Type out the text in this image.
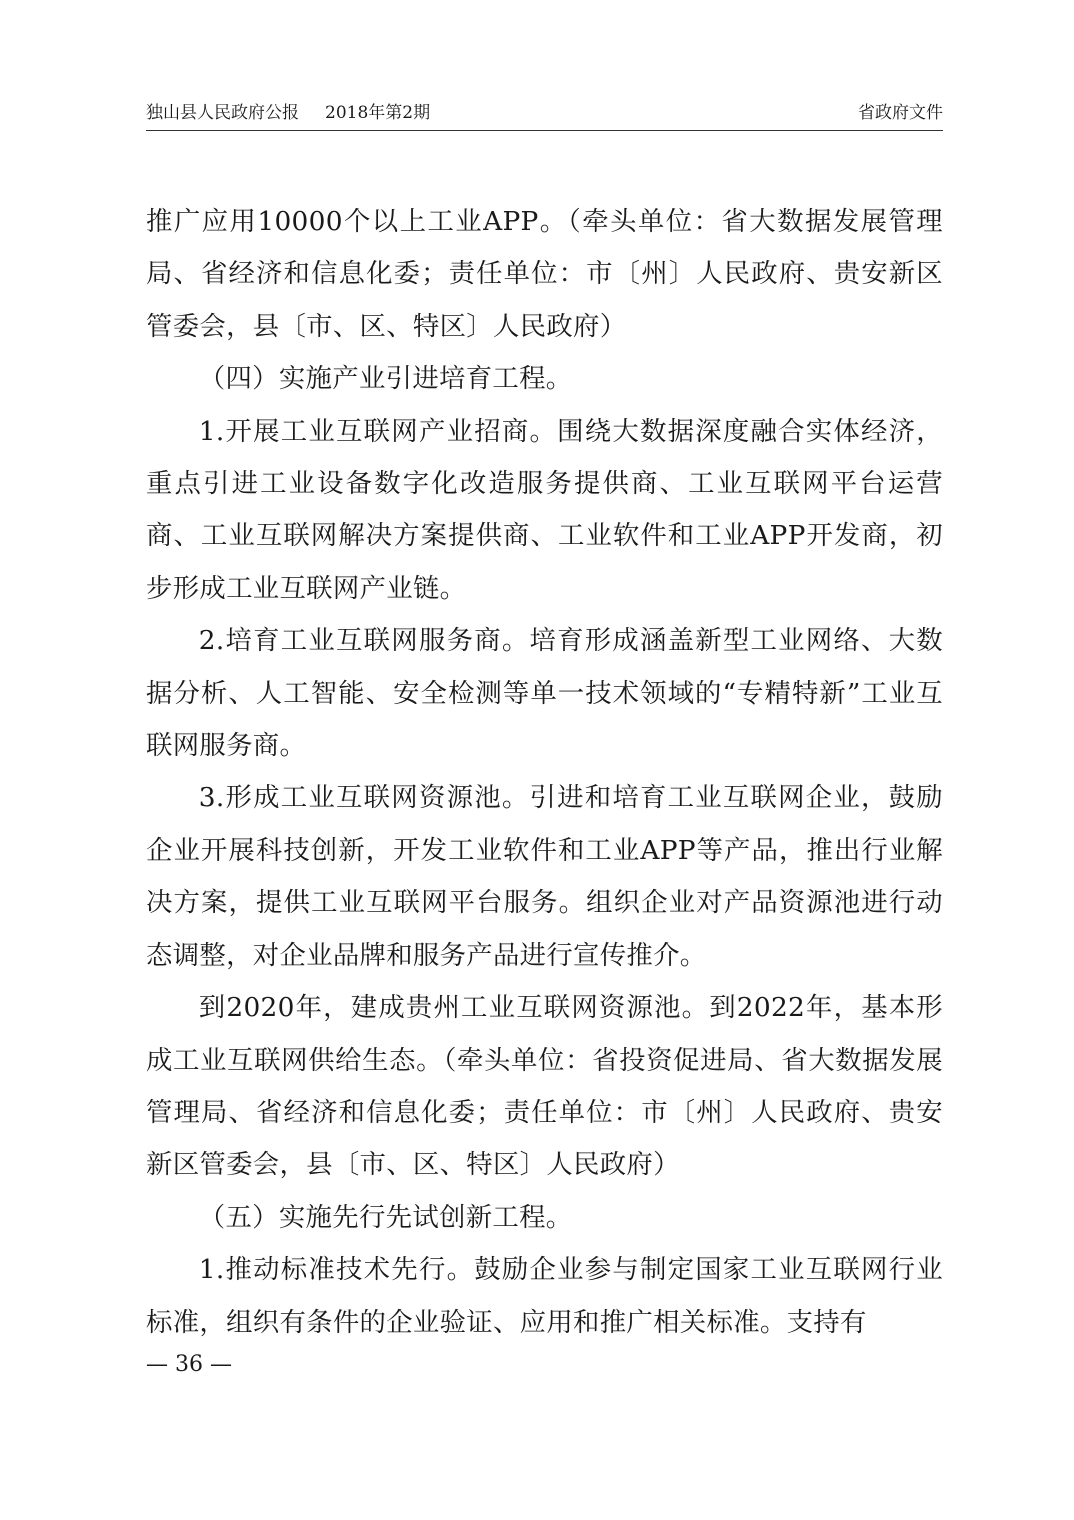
独山县人民政府公报 2018年第2期	省政府文件

推广应用10000个以上工业APP。（牵头单位：省大数据发展管理局、省经济和信息化委；责任单位：市〔州〕人民政府、贵安新区管委会，县〔市、区、特区〕人民政府）

（四）实施产业引进培育工程。

1.开展工业互联网产业招商。围绕大数据深度融合实体经济，重点引进工业设备数字化改造服务提供商、工业互联网平台运营商、工业互联网解决方案提供商、工业软件和工业APP开发商，初步形成工业互联网产业链。

2.培育工业互联网服务商。培育形成涵盖新型工业网络、大数据分析、人工智能、安全检测等单一技术领域的“专精特新”工业互联网服务商。

3.形成工业互联网资源池。引进和培育工业互联网企业，鼓励企业开展科技创新，开发工业软件和工业APP等产品，推出行业解决方案，提供工业互联网平台服务。组织企业对产品资源池进行动态调整，对企业品牌和服务产品进行宣传推介。

到2020年，建成贵州工业互联网资源池。到2022年，基本形成工业互联网供给生态。（牵头单位：省投资促进局、省大数据发展管理局、省经济和信息化委；责任单位：市〔州〕人民政府、贵安新区管委会，县〔市、区、特区〕人民政府）

（五）实施先行先试创新工程。

1.推动标准技术先行。鼓励企业参与制定国家工业互联网行业标准，组织有条件的企业验证、应用和推广相关标准。支持有

— 36 —
